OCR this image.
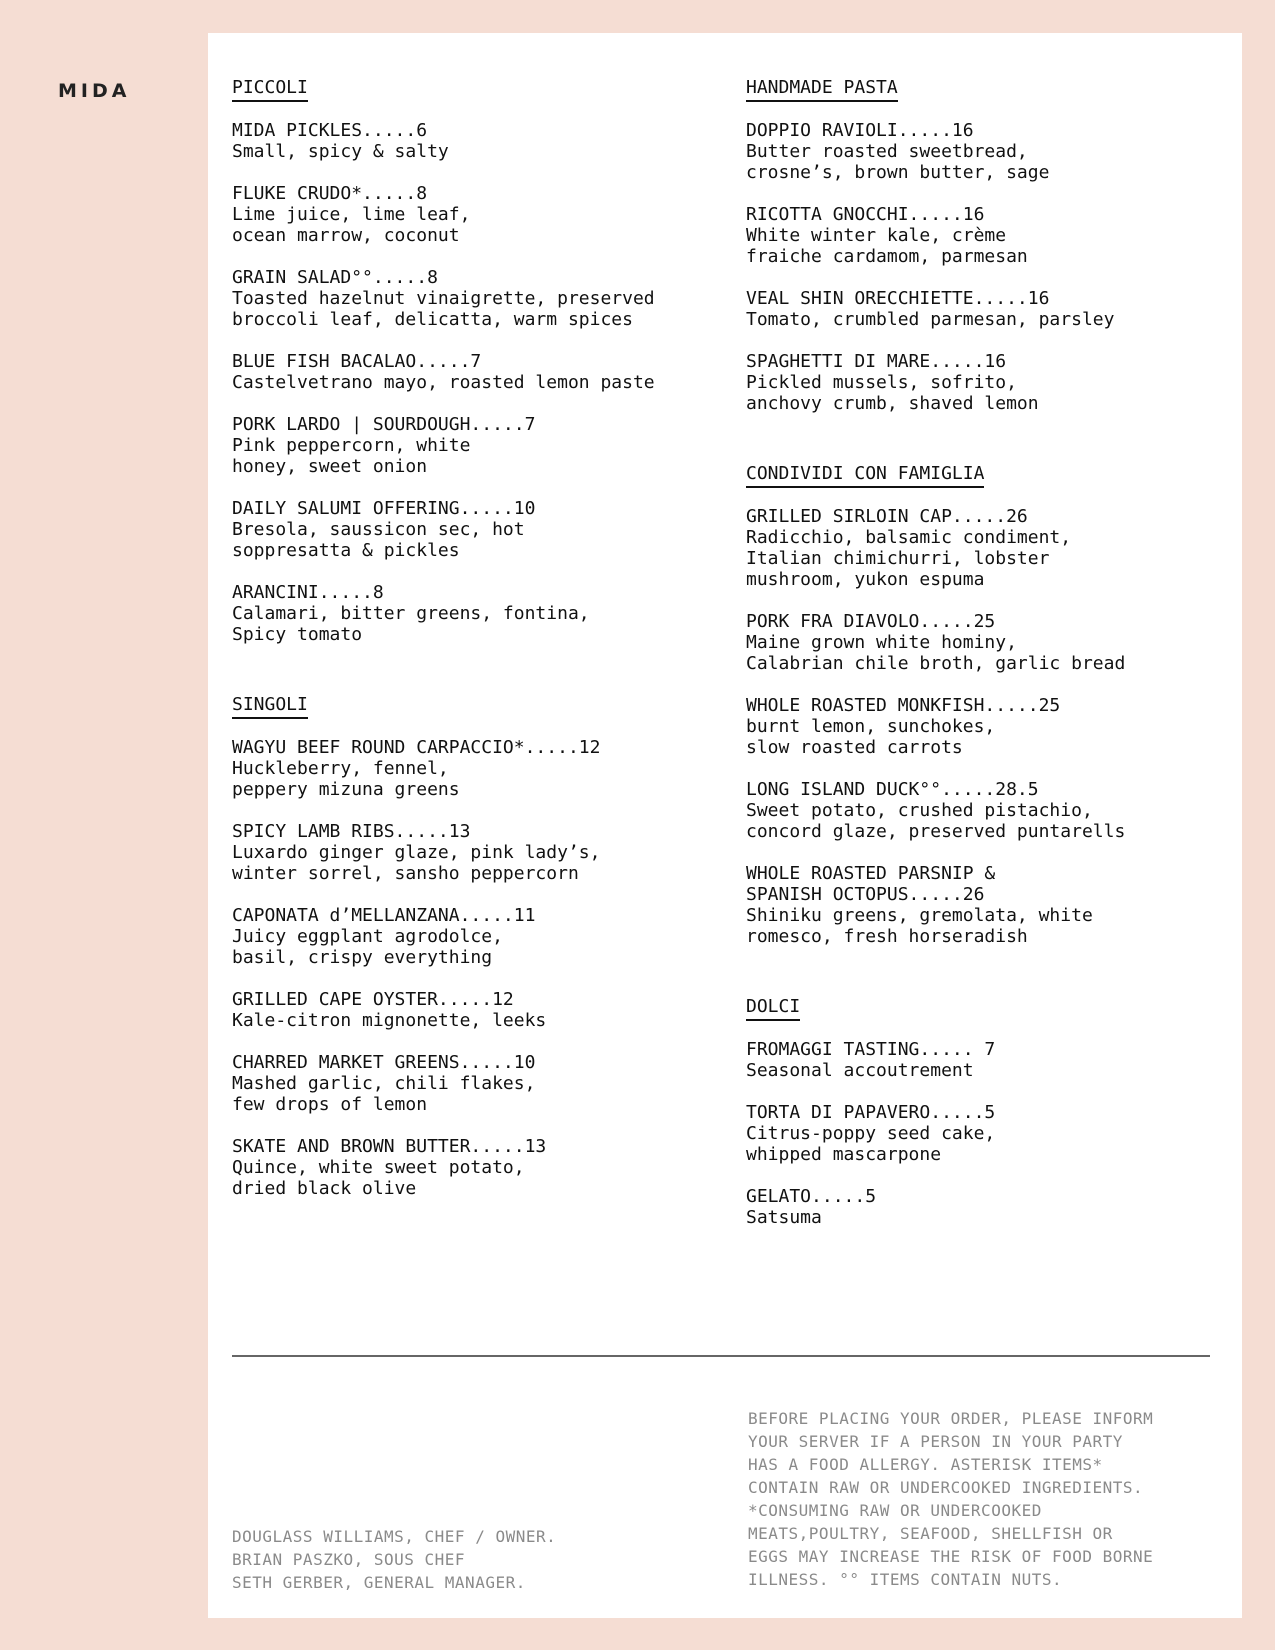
MIDA	PICCOLI
MIDA PICKLES.....6
Small, spicy & salty
FLUKE CRUDO*.....8
Lime juice, lime leaf,
ocean marrow, coconut
GRAIN SALAD°°.....8
Toasted hazelnut vinaigrette, preserved
broccoli leaf, delicatta, warm spices
BLUE FISH BACALAO.....7
Castelvetrano mayo, roasted lemon paste
PORK LARDO | SOURDOUGH.....7
Pink peppercorn, white
honey, sweet onion
DAILY SALUMI OFFERING.....10
Bresola, saussicon sec, hot
soppresatta & pickles
ARANCINI.....8
Calamari, bitter greens, fontina,
Spicy tomato
SINGOLI
WAGYU BEEF ROUND CARPACCIO*.....12
Huckleberry, fennel,
peppery mizuna greens
SPICY LAMB RIBS.....13
Luxardo ginger glaze, pink lady’s,
winter sorrel, sansho peppercorn
CAPONATA d’MELLANZANA.....11
Juicy eggplant agrodolce,
basil, crispy everything
GRILLED CAPE OYSTER.....12
Kale-citron mignonette, leeks
CHARRED MARKET GREENS.....10
Mashed garlic, chili flakes,
few drops of lemon
SKATE AND BROWN BUTTER.....13
Quince, white sweet potato,
dried black olive
HANDMADE PASTA
DOPPIO RAVIOLI.....16
Butter roasted sweetbread,
crosne’s, brown butter, sage
RICOTTA GNOCCHI.....16
White winter kale, crème
fraiche cardamom, parmesan
VEAL SHIN ORECCHIETTE.....16
Tomato, crumbled parmesan, parsley
SPAGHETTI DI MARE.....16
Pickled mussels, sofrito,
anchovy crumb, shaved lemon
CONDIVIDI CON FAMIGLIA
GRILLED SIRLOIN CAP.....26
Radicchio, balsamic condiment,
Italian chimichurri, lobster
mushroom, yukon espuma
PORK FRA DIAVOLO.....25
Maine grown white hominy,
Calabrian chile broth, garlic bread
WHOLE ROASTED MONKFISH.....25
burnt lemon, sunchokes,
slow roasted carrots
LONG ISLAND DUCK°°.....28.5
Sweet potato, crushed pistachio,
concord glaze, preserved puntarells
WHOLE ROASTED PARSNIP &
SPANISH OCTOPUS.....26
Shiniku greens, gremolata, white
romesco, fresh horseradish
DOLCI
FROMAGGI TASTING..... 7
Seasonal accoutrement
TORTA DI PAPAVERO.....5
Citrus-poppy seed cake,
whipped mascarpone
GELATO.....5
Satsuma
DOUGLASS WILLIAMS, CHEF / OWNER.
BRIAN PASZKO, SOUS CHEF
SETH GERBER, GENERAL MANAGER.
BEFORE PLACING YOUR ORDER, PLEASE INFORM
YOUR SERVER IF A PERSON IN YOUR PARTY
HAS A FOOD ALLERGY. ASTERISK ITEMS*
CONTAIN RAW OR UNDERCOOKED INGREDIENTS.
*CONSUMING RAW OR UNDERCOOKED
MEATS,POULTRY, SEAFOOD, SHELLFISH OR
EGGS MAY INCREASE THE RISK OF FOOD BORNE
ILLNESS. °° ITEMS CONTAIN NUTS.
